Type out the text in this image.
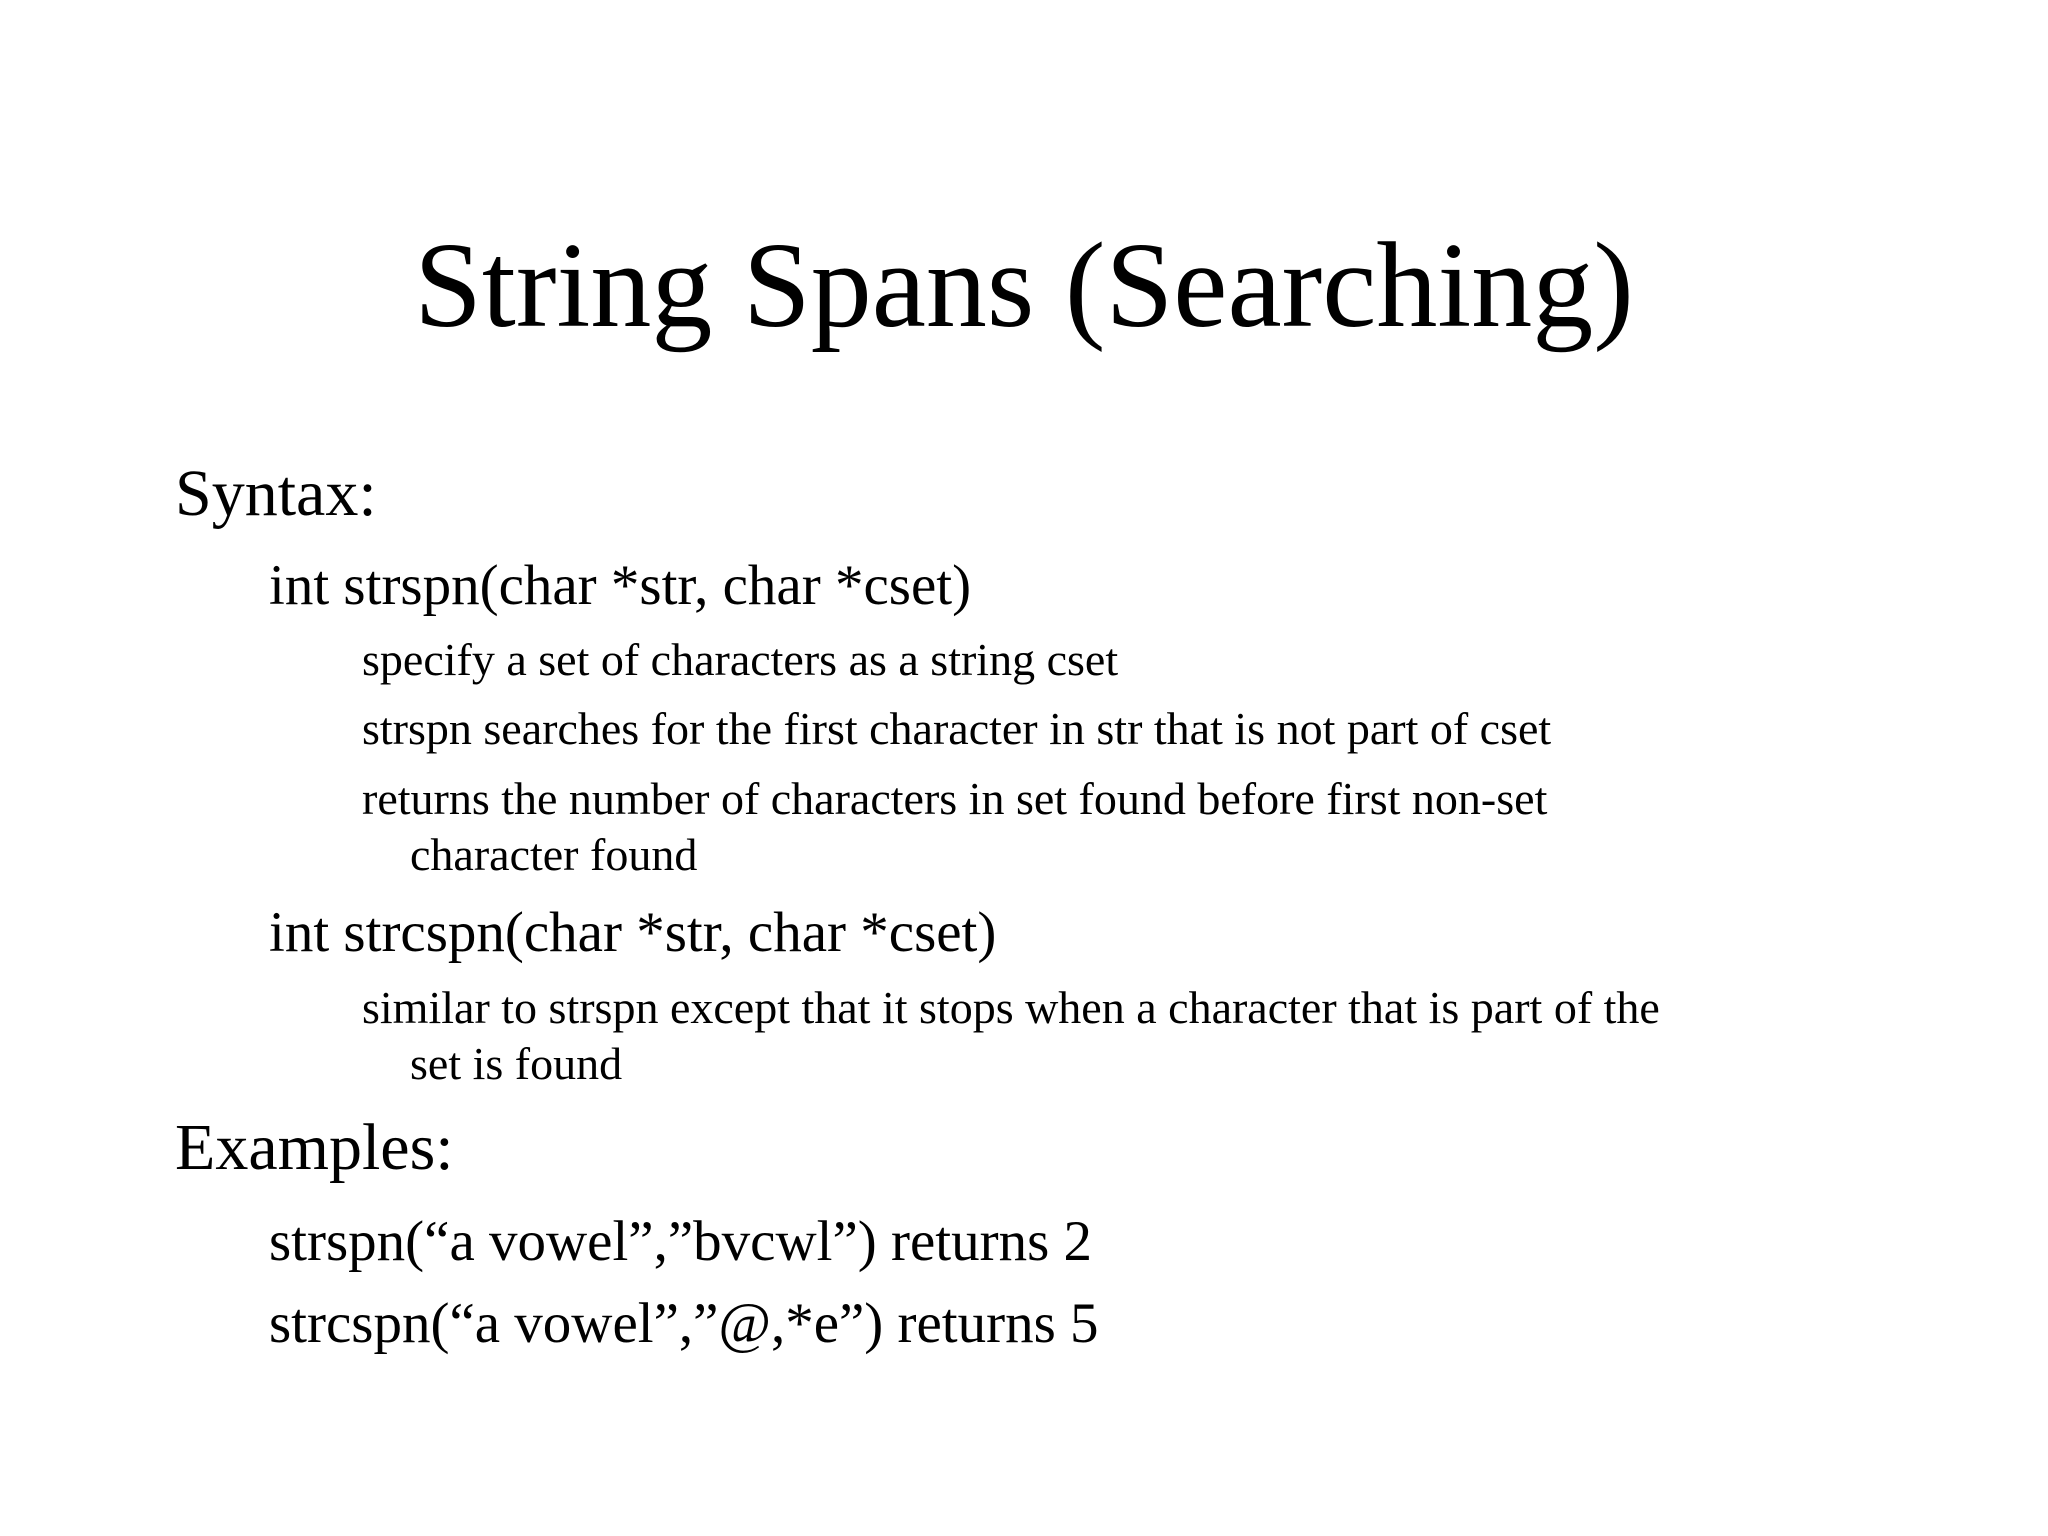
String Spans (Searching)
Syntax:
int strspn(char *str, char *cset)
specify a set of characters as a string cset
strspn searches for the first character in str that is not part of cset
returns the number of characters in set found before first non-set
character found
int strcspn(char *str, char *cset)
similar to strspn except that it stops when a character that is part of the
set is found
Examples:
strspn(“a vowel”,”bvcwl”) returns 2
strcspn(“a vowel”,”@,*e”) returns 5
